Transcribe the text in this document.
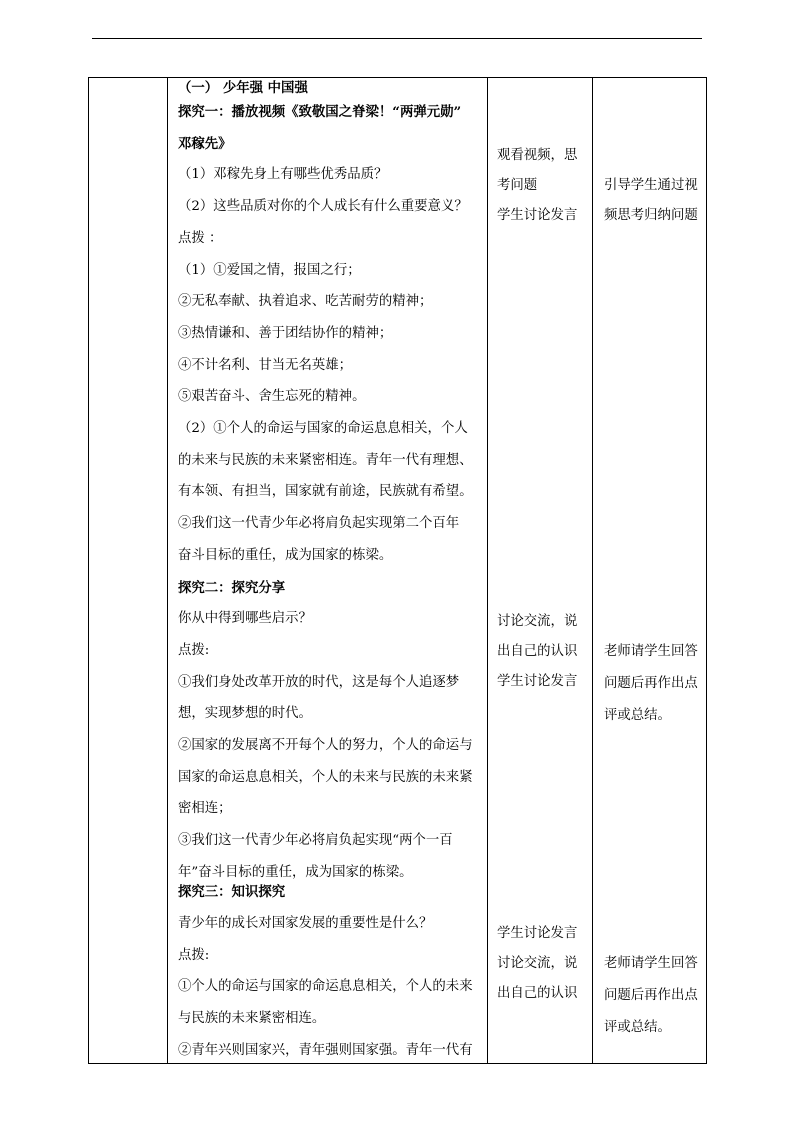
（一） 少年强 中国强
探究一：播放视频《致敬国之脊梁！“两弹元勋”
邓稼先》
（1）邓稼先身上有哪些优秀品质？
（2）这些品质对你的个人成长有什么重要意义？
点拨 ：
（1）①爱国之情，报国之行；
②无私奉献、执着追求、吃苦耐劳的精神；
③热情谦和、善于团结协作的精神；
④不计名利、甘当无名英雄；
⑤艰苦奋斗、舍生忘死的精神。
（2）①个人的命运与国家的命运息息相关，个人
的未来与民族的未来紧密相连。青年一代有理想、
有本领、有担当，国家就有前途，民族就有希望。
②我们这一代青少年必将肩负起实现第二个百年
奋斗目标的重任，成为国家的栋梁。
探究二：探究分享
你从中得到哪些启示？
点拨:
①我们身处改革开放的时代，这是每个人追逐梦
想，实现梦想的时代。
②国家的发展离不开每个人的努力，个人的命运与
国家的命运息息相关，个人的未来与民族的未来紧
密相连；
③我们这一代青少年必将肩负起实现“两个一百
年”奋斗目标的重任，成为国家的栋梁。
探究三：知识探究
青少年的成长对国家发展的重要性是什么？
点拨:
①个人的命运与国家的命运息息相关，个人的未来
与民族的未来紧密相连。
②青年兴则国家兴，青年强则国家强。青年一代有
观看视频，思
考问题
学生讨论发言
讨论交流，说
出自己的认识
学生讨论发言
学生讨论发言
讨论交流，说
出自己的认识
引导学生通过视
频思考归纳问题
老师请学生回答
问题后再作出点
评或总结。
老师请学生回答
问题后再作出点
评或总结。
